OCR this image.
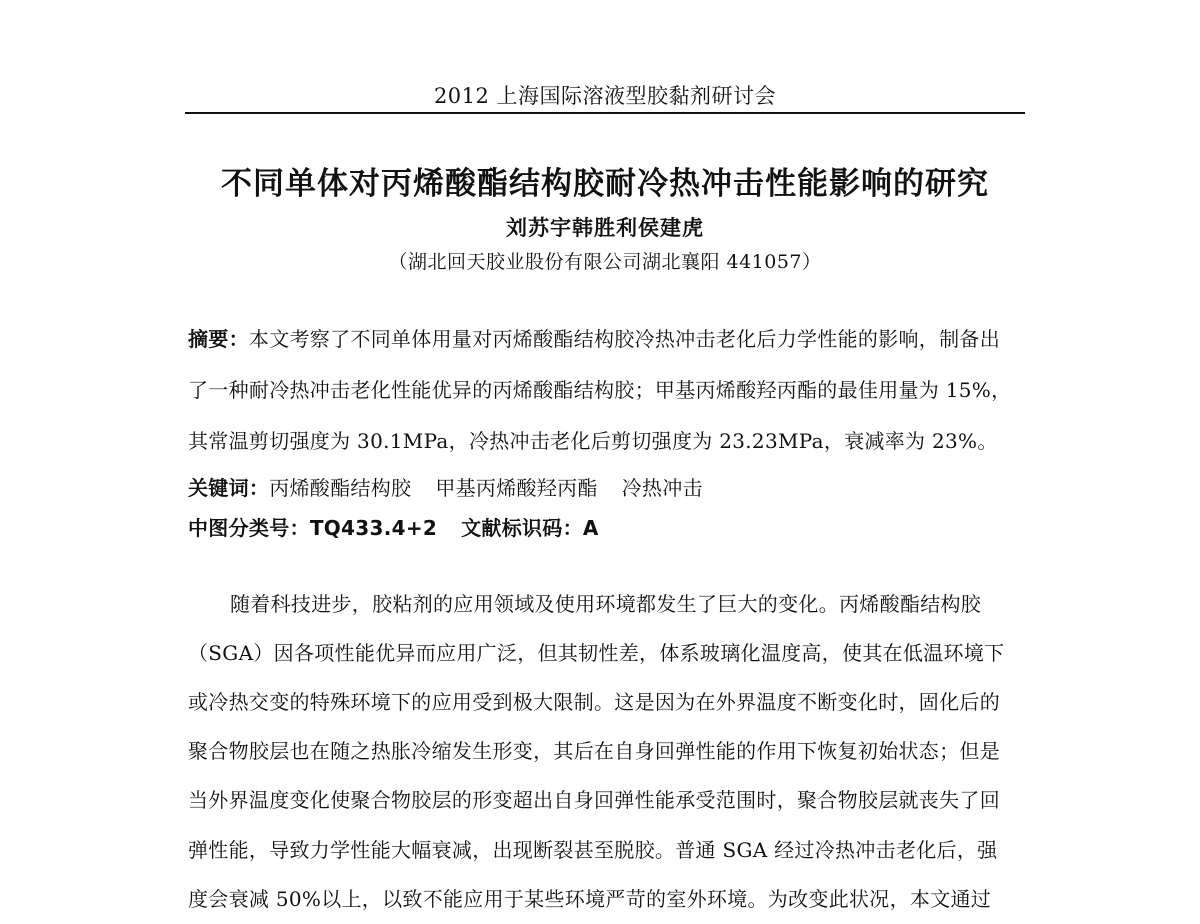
2012 上海国际溶液型胶黏剂研讨会
不同单体对丙烯酸酯结构胶耐冷热冲击性能影响的研究
刘苏宇韩胜利侯建虎
（湖北回天胶业股份有限公司湖北襄阳 441057）
摘要：本文考察了不同单体用量对丙烯酸酯结构胶冷热冲击老化后力学性能的影响，制备出
了一种耐冷热冲击老化性能优异的丙烯酸酯结构胶；甲基丙烯酸羟丙酯的最佳用量为 15%，
其常温剪切强度为 30.1MPa，冷热冲击老化后剪切强度为 23.23MPa，衰减率为 23%。
关键词：丙烯酸酯结构胶 甲基丙烯酸羟丙酯 冷热冲击
中图分类号：TQ433.4+2 文献标识码：A
随着科技进步，胶粘剂的应用领域及使用环境都发生了巨大的变化。丙烯酸酯结构胶
（SGA）因各项性能优异而应用广泛，但其韧性差，体系玻璃化温度高，使其在低温环境下
或冷热交变的特殊环境下的应用受到极大限制。这是因为在外界温度不断变化时，固化后的
聚合物胶层也在随之热胀冷缩发生形变，其后在自身回弹性能的作用下恢复初始状态；但是
当外界温度变化使聚合物胶层的形变超出自身回弹性能承受范围时，聚合物胶层就丧失了回
弹性能，导致力学性能大幅衰减，出现断裂甚至脱胶。普通 SGA 经过冷热冲击老化后，强
度会衰减 50%以上，以致不能应用于某些环境严苛的室外环境。为改变此状况，本文通过
